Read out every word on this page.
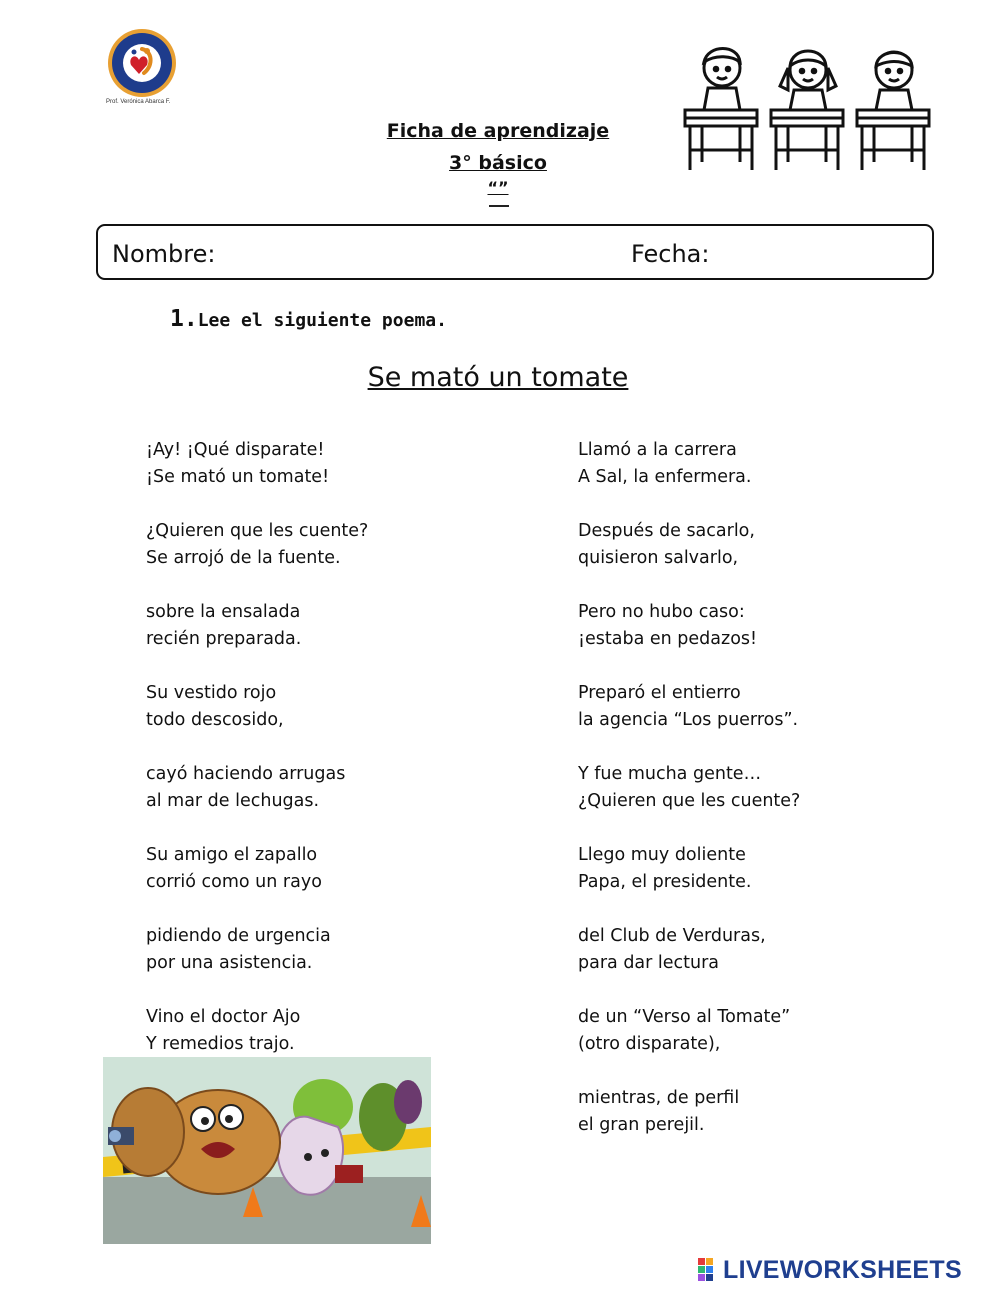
Prof. Verónica Abarca F.
Ficha de aprendizaje
3° básico
“”
Nombre:	Fecha:
1.Lee el siguiente poema.
Se mató un tomate
¡Ay! ¡Qué disparate!
¡Se mató un tomate!
¿Quieren que les cuente?
Se arrojó de la fuente.
sobre la ensalada
recién preparada.
Su vestido rojo
todo descosido,
cayó haciendo arrugas
al mar de lechugas.
Su amigo el zapallo
corrió como un rayo
pidiendo de urgencia
por una asistencia.
Vino el doctor Ajo
Y remedios trajo.
Llamó a la carrera
A Sal, la enfermera.
Después de sacarlo,
quisieron salvarlo,
Pero no hubo caso:
¡estaba en pedazos!
Preparó el entierro
la agencia “Los puerros”.
Y fue mucha gente…
¿Quieren que les cuente?
Llego muy doliente
Papa, el presidente.
del Club de Verduras,
para dar lectura
de un “Verso al Tomate”
(otro disparate),
mientras, de perfil
el gran perejil.
LIVEWORKSHEETS
